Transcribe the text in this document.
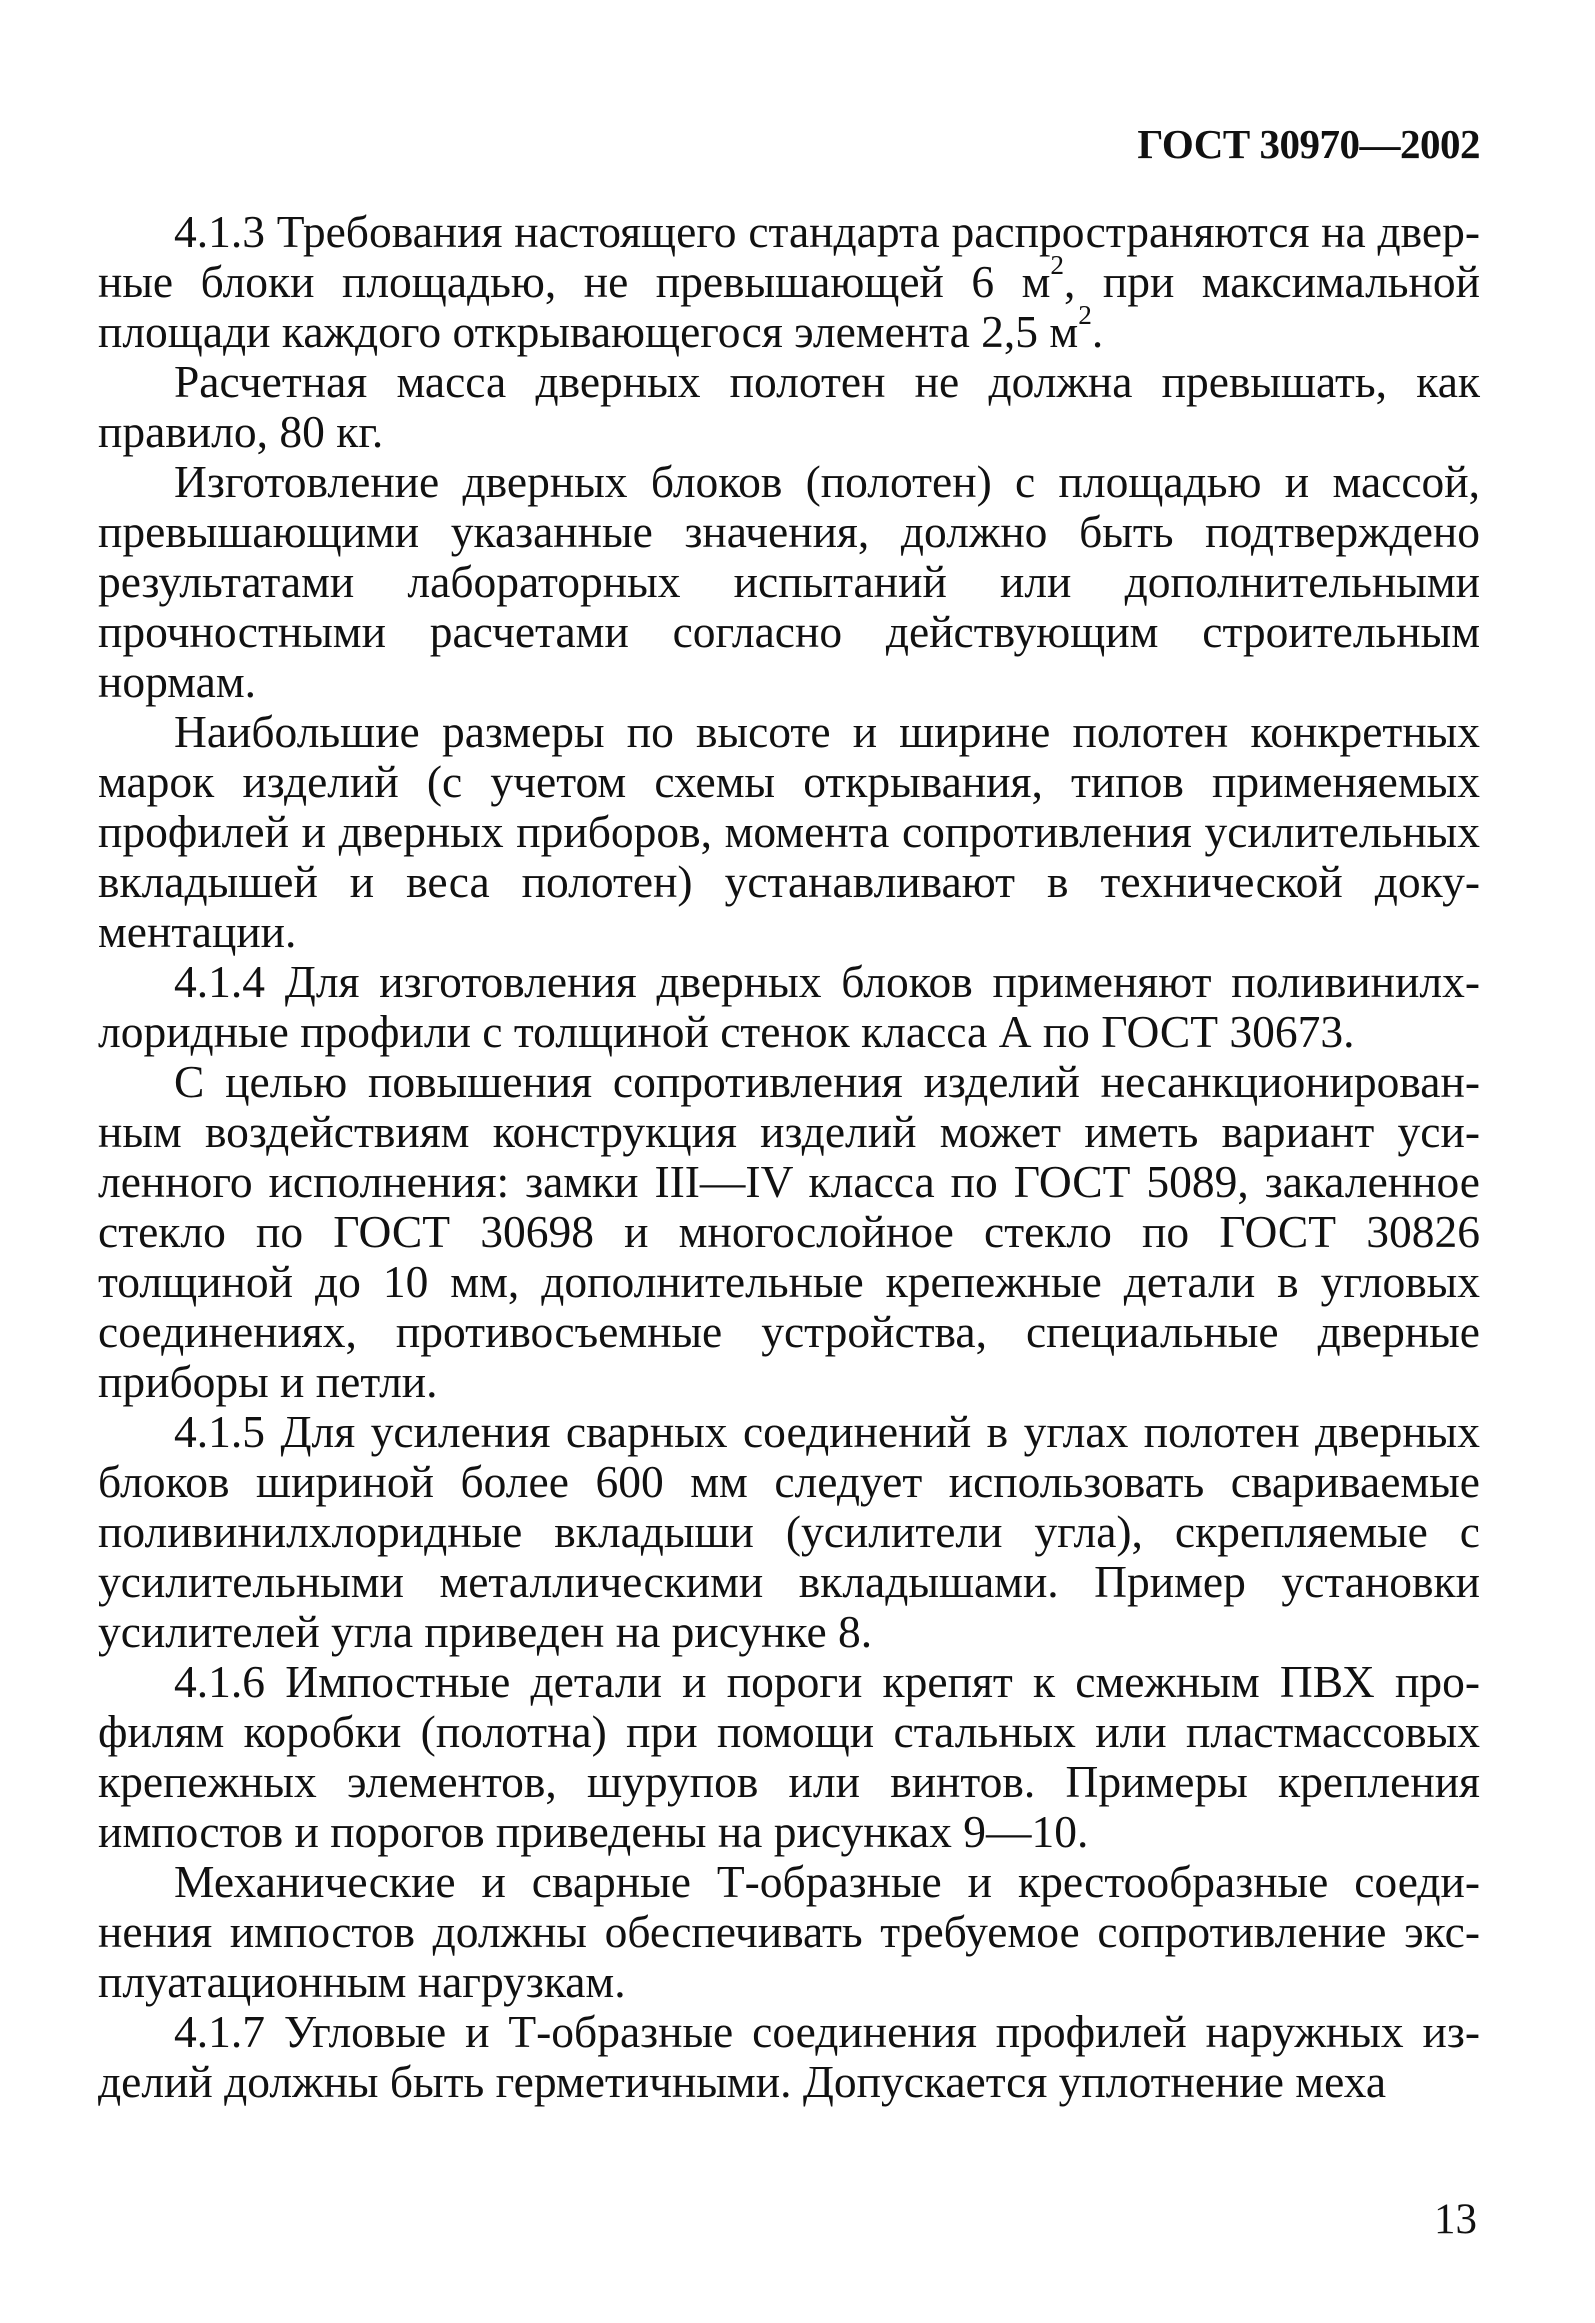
ГОСТ 30970—2002

4.1.3 Требования настоящего стандарта распространяются на дверные блоки площадью, не превышающей 6 $м^2$, при максимальной площади каждого открывающегося элемента 2,5 $м^2$.

Расчетная масса дверных полотен не должна превышать, как правило, 80 кг.

Изготовление дверных блоков (полотен) с площадью и массой, превышающими указанные значения, должно быть подтверждено результатами лабораторных испытаний или дополнительными прочностными расчетами согласно действующим строительным нормам.

Наибольшие размеры по высоте и ширине полотен конкретных марок изделий (с учетом схемы открывания, типов применяемых профилей и дверных приборов, момента сопротивления усилительных вкладышей и веса полотен) устанавливают в технической документации.

4.1.4 Для изготовления дверных блоков применяют поливинилхлоридные профили с толщиной стенок класса А по ГОСТ 30673.

С целью повышения сопротивления изделий несанкционированным воздействиям конструкция изделий может иметь вариант усиленного исполнения: замки III—IV класса по ГОСТ 5089, закаленное стекло по ГОСТ 30698 и многослойное стекло по ГОСТ 30826 толщиной до 10 мм, дополнительные крепежные детали в угловых соединениях, противосъемные устройства, специальные дверные приборы и петли.

4.1.5 Для усиления сварных соединений в углах полотен дверных блоков шириной более 600 мм следует использовать свариваемые поливинилхлоридные вкладыши (усилители угла), скрепляемые с усилительными металлическими вкладышами. Пример установки усилителей угла приведен на рисунке 8.

4.1.6 Импостные детали и пороги крепят к смежным ПВХ профилям коробки (полотна) при помощи стальных или пластмассовых крепежных элементов, шурупов или винтов. Примеры крепления импостов и порогов приведены на рисунках 9—10.

Механические и сварные Т-образные и крестообразные соединения импостов должны обеспечивать требуемое сопротивление эксплуатационным нагрузкам.

4.1.7 Угловые и Т-образные соединения профилей наружных изделий должны быть герметичными. Допускается уплотнение меха

13
